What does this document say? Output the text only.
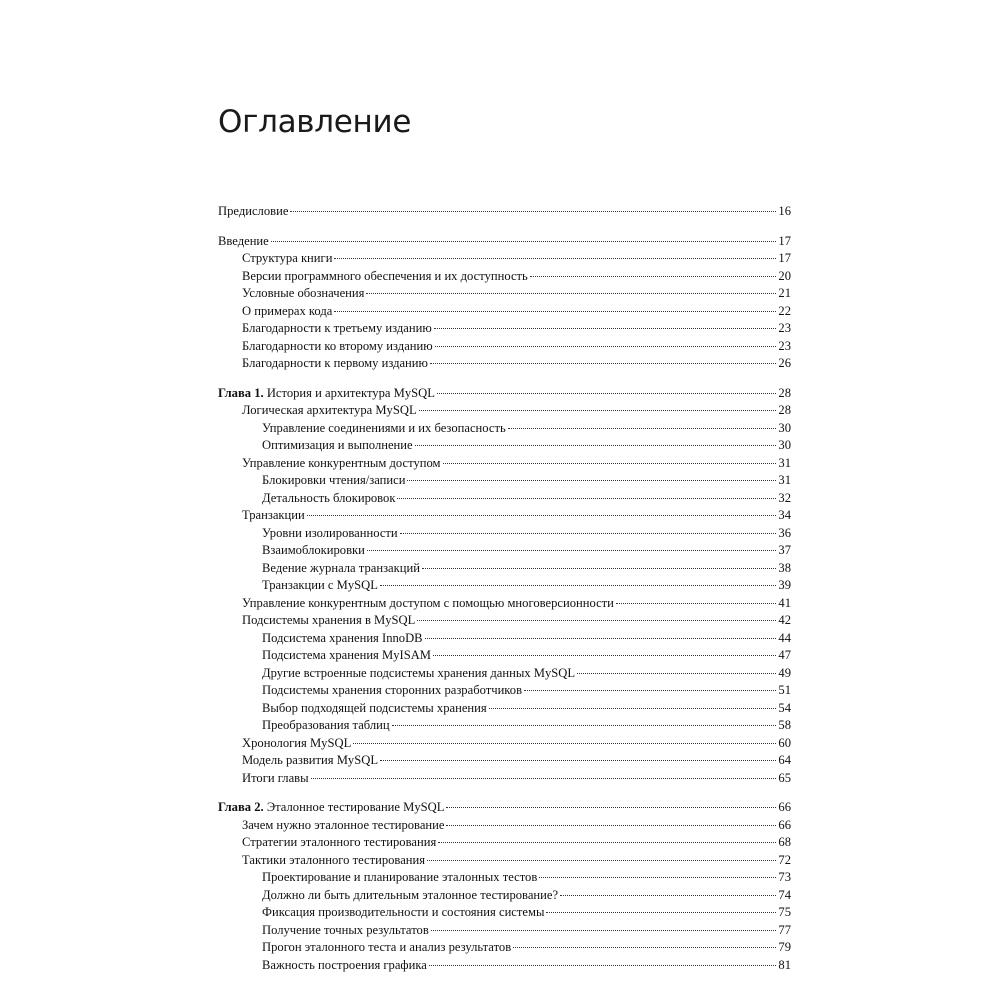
Оглавление
Предисловие	16
Введение	17
Структура книги	17
Версии программного обеспечения и их доступность	20
Условные обозначения	21
О примерах кода	22
Благодарности к третьему изданию	23
Благодарности ко второму изданию	23
Благодарности к первому изданию	26
Глава 1. История и архитектура MySQL	28
Логическая архитектура MySQL	28
Управление соединениями и их безопасность	30
Оптимизация и выполнение	30
Управление конкурентным доступом	31
Блокировки чтения/записи	31
Детальность блокировок	32
Транзакции	34
Уровни изолированности	36
Взаимоблокировки	37
Ведение журнала транзакций	38
Транзакции с MySQL	39
Управление конкурентным доступом с помощью многоверсионности	41
Подсистемы хранения в MySQL	42
Подсистема хранения InnoDB	44
Подсистема хранения MyISAM	47
Другие встроенные подсистемы хранения данных MySQL	49
Подсистемы хранения сторонних разработчиков	51
Выбор подходящей подсистемы хранения	54
Преобразования таблиц	58
Хронология MySQL	60
Модель развития MySQL	64
Итоги главы	65
Глава 2. Эталонное тестирование MySQL	66
Зачем нужно эталонное тестирование	66
Стратегии эталонного тестирования	68
Тактики эталонного тестирования	72
Проектирование и планирование эталонных тестов	73
Должно ли быть длительным эталонное тестирование?	74
Фиксация производительности и состояния системы	75
Получение точных результатов	77
Прогон эталонного теста и анализ результатов	79
Важность построения графика	81
